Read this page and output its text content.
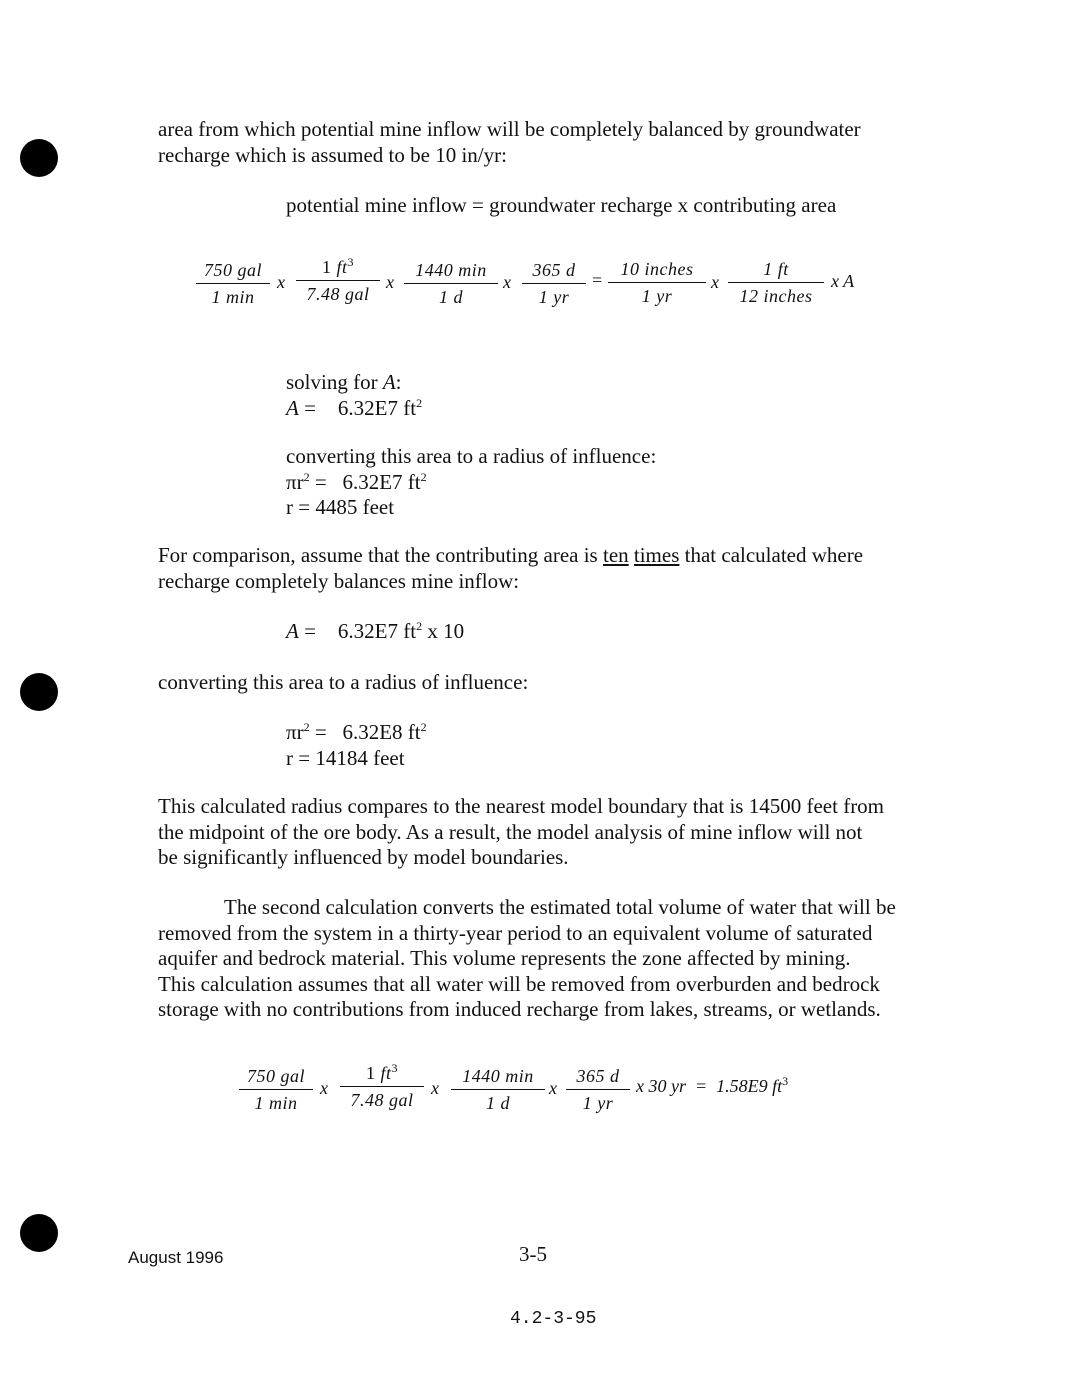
area from which potential mine inflow will be completely balanced by groundwater
recharge which is assumed to be 10 in/yr:
potential mine inflow = groundwater recharge x contributing area
750 gal
1 min
x
1 $ft^3$
7.48 gal
x
1440 min
1 d
x
365 d
1 yr
=
10 inches
1 yr
x
1 ft
12 inches
x A
solving for A:
A = 6.32E7 $ft^2$
converting this area to a radius of influence:
$\pi r^2 = 6.32E7$ $ft^2$
r = 4485 feet
For comparison, assume that the contributing area is ten times that calculated where
recharge completely balances mine inflow:
A = 6.32E7 $ft^2$ x 10
converting this area to a radius of influence:
$\pi r^2 = 6.32E8$ $ft^2$
r = 14184 feet
This calculated radius compares to the nearest model boundary that is 14500 feet from
the midpoint of the ore body. As a result, the model analysis of mine inflow will not
be significantly influenced by model boundaries.
The second calculation converts the estimated total volume of water that will be
removed from the system in a thirty-year period to an equivalent volume of saturated
aquifer and bedrock material. This volume represents the zone affected by mining.
This calculation assumes that all water will be removed from overburden and bedrock
storage with no contributions from induced recharge from lakes, streams, or wetlands.
750 gal
1 min
x
1 $ft^3$
7.48 gal
x
1440 min
1 d
x
365 d
1 yr
x 30 yr  =  1.58E9 $ft^3$
August 1996	3-5
4.2-3-95
